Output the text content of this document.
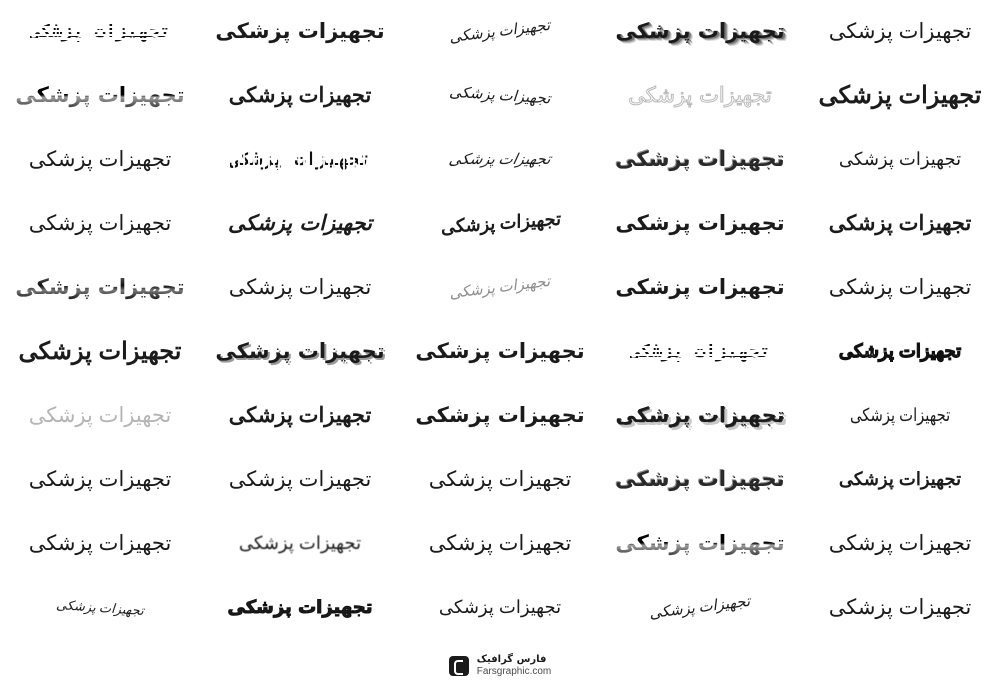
تجهیزات پزشکی
تجهیزات پزشکی
تجهیزات پزشکی
تجهیزات پزشکی
تجهیزات پزشکی
تجهیزات پزشکی
تجهیزات پزشکی
تجهیزات پزشکی
تجهیزات پزشکی
تجهیزات پزشکی
تجهیزات پزشکی
تجهیزات پزشکی
تجهیزات پزشکی
تجهیزات پزشکی
تجهیزات پزشکی
تجهیزات پزشکی
تجهیزات پزشکی
تجهیزات پزشکی
تجهیزات پزشکی
تجهیزات پزشکی
تجهیزات پزشکی
تجهیزات پزشکی
تجهیزات پزشکی
تجهیزات پزشکی
تجهیزات پزشکی
تجهیزات پزشکی
تجهیزات پزشکی
تجهیزات پزشکی
تجهیزات پزشکی
تجهیزات پزشکی
تجهیزات پزشکی
تجهیزات پزشکی
تجهیزات پزشکی
تجهیزات پزشکی
تجهیزات پزشکی
تجهیزات پزشکی
تجهیزات پزشکی
تجهیزات پزشکی
تجهیزات پزشکی
تجهیزات پزشکی
تجهیزات پزشکی
تجهیزات پزشکی
تجهیزات پزشکی
تجهیزات پزشکی
تجهیزات پزشکی
تجهیزات پزشکی
تجهیزات پزشکی
تجهیزات پزشکی
تجهیزات پزشکی
تجهیزات پزشکی
فارس گرافیک
Farsgraphic.com
